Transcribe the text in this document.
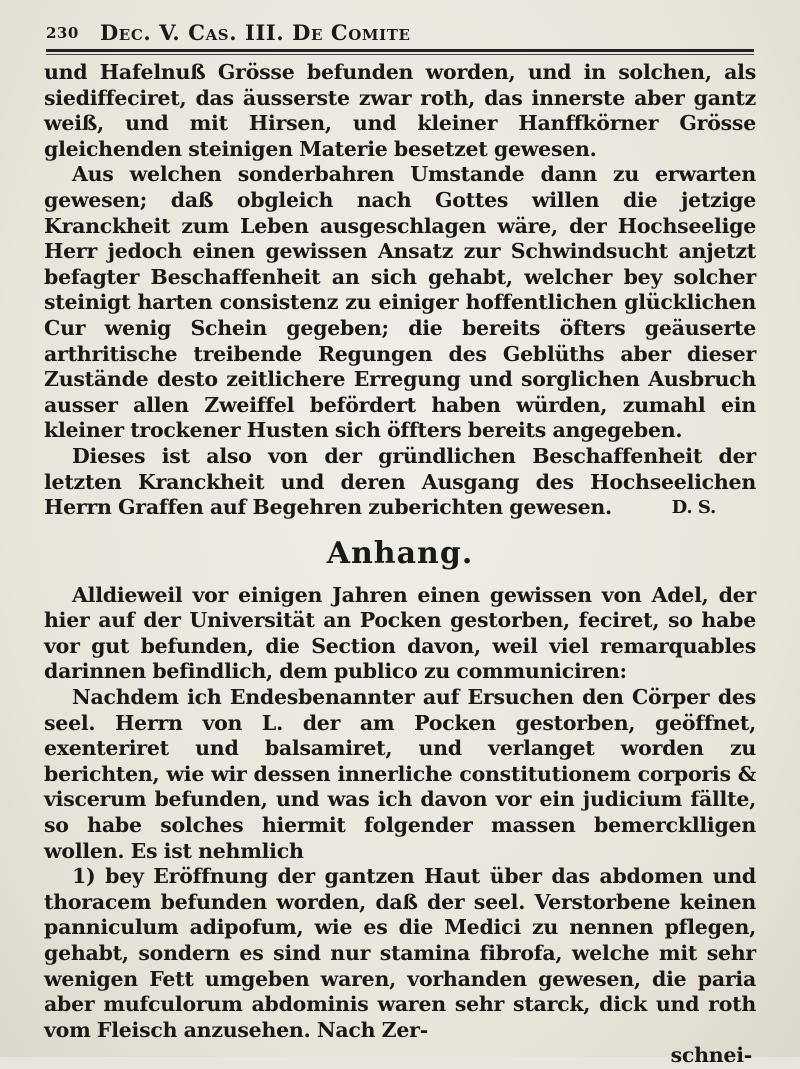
230 Dec. V. Cas. III. De Comite

und Hafelnuß Grösse befunden worden, und in solchen, als siediffeciret, das äusserste zwar roth, das innerste aber gantz weiß, und mit Hirsen, und kleiner Hanffkörner Grösse gleichenden steinigen Materie besetzet gewesen.

Aus welchen sonderbahren Umstande dann zu erwarten gewesen; daß obgleich nach Gottes willen die jetzige Kranckheit zum Leben ausgeschlagen wäre, der Hochseelige Herr jedoch einen gewissen Ansatz zur Schwindsucht anjetzt befagter Beschaffenheit an sich gehabt, welcher bey solcher steinigt harten consistenz zu einiger hoffentlichen glücklichen Cur wenig Schein gegeben; die bereits öfters geäuserte arthritische treibende Regungen des Geblüths aber dieser Zustände desto zeitlichere Erregung und sorglichen Ausbruch ausser allen Zweiffel befördert haben würden, zumahl ein kleiner trockener Husten sich öffters bereits angegeben.

Dieses ist also von der gründlichen Beschaffenheit der letzten Kranckheit und deren Ausgang des Hochseelichen Herrn Graffen auf Begehren zuberichten gewesen.	D. S.
Anhang.

Alldieweil vor einigen Jahren einen gewissen von Adel, der hier auf der Universität an Pocken gestorben, feciret, so habe vor gut befunden, die Section davon, weil viel remarquables darinnen befindlich, dem publico zu communiciren:

Nachdem ich Endesbenannter auf Ersuchen den Cörper des seel. Herrn von L. der am Pocken gestorben, geöffnet, exenteriret und balsamiret, und verlanget worden zu berichten, wie wir dessen innerliche constitutionem corporis & viscerum befunden, und was ich davon vor ein judicium fällte, so habe solches hiermit folgender massen bemercklligen wollen. Es ist nehmlich

1) bey Eröffnung der gantzen Haut über das abdomen und thoracem befunden worden, daß der seel. Verstorbene keinen panniculum adipofum, wie es die Medici zu nennen pflegen, gehabt, sondern es sind nur stamina fibrofa, welche mit sehr wenigen Fett umgeben waren, vorhanden gewesen, die paria aber mufculorum abdominis waren sehr starck, dick und roth vom Fleisch anzusehen. Nach Zer-

schnei-
